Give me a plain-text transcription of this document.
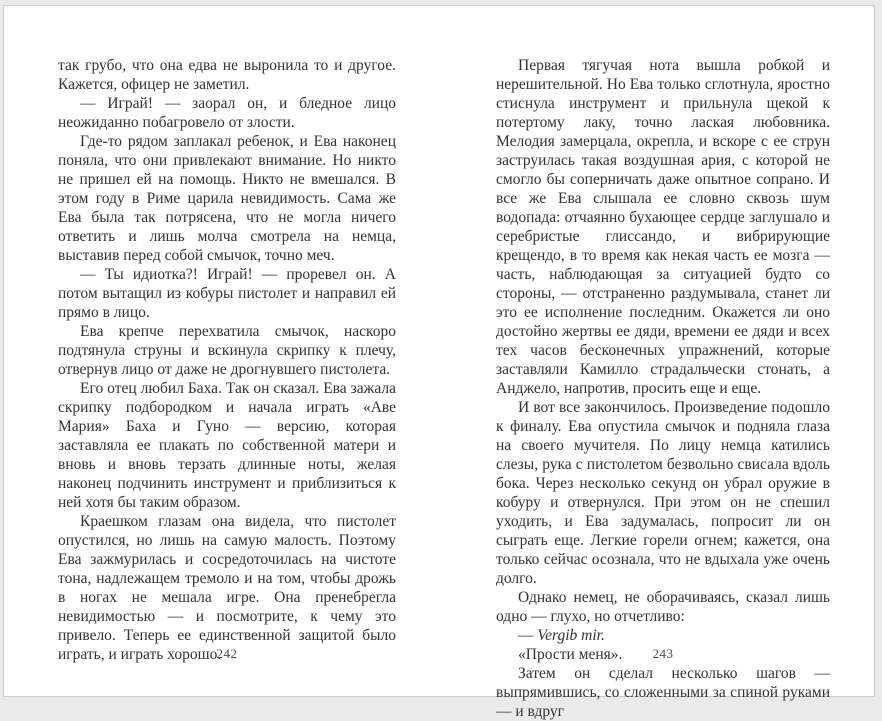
так грубо, что она едва не выронила то и другое. Кажется, офицер не заметил.

— Играй! — заорал он, и бледное лицо неожиданно побагровело от злости.

Где-то рядом заплакал ребенок, и Ева наконец поняла, что они привлекают внимание. Но никто не пришел ей на помощь. Никто не вмешался. В этом году в Риме царила невидимость. Сама же Ева была так потрясена, что не могла ничего ответить и лишь молча смотрела на немца, выставив перед собой смычок, точно меч.

— Ты идиотка?! Играй! — проревел он. А потом вытащил из кобуры пистолет и направил ей прямо в лицо.

Ева крепче перехватила смычок, наскоро подтянула струны и вскинула скрипку к плечу, отвернув лицо от даже не дрогнувшего пистолета.

Его отец любил Баха. Так он сказал. Ева зажала скрипку подбородком и начала играть «Аве Мария» Баха и Гуно — версию, которая заставляла ее плакать по собственной матери и вновь и вновь терзать длинные ноты, желая наконец подчинить инструмент и приблизиться к ней хотя бы таким образом.

Краешком глазам она видела, что пистолет опустился, но лишь на самую малость. Поэтому Ева зажмурилась и сосредоточилась на чистоте тона, надлежащем тремоло и на том, чтобы дрожь в ногах не мешала игре. Она пренебрегла невидимостью — и посмотрите, к чему это привело. Теперь ее единственной защитой было играть, и играть хорошо.

Первая тягучая нота вышла робкой и нерешительной. Но Ева только сглотнула, яростно стиснула инструмент и прильнула щекой к потертому лаку, точно лаская любовника. Мелодия замерцала, окрепла, и вскоре с ее струн заструилась такая воздушная ария, с которой не смогло бы соперничать даже опытное сопрано. И все же Ева слышала ее словно сквозь шум водопада: отчаянно бухающее сердце заглушало и серебристые глиссандо, и вибрирующие крещендо, в то время как некая часть ее мозга — часть, наблюдающая за ситуацией будто со стороны, — отстраненно раздумывала, станет ли это ее исполнение последним. Окажется ли оно достойно жертвы ее дяди, времени ее дяди и всех тех часов бесконечных упражнений, которые заставляли Камилло страдальчески стонать, а Анджело, напротив, просить еще и еще.

И вот все закончилось. Произведение подошло к финалу. Ева опустила смычок и подняла глаза на своего мучителя. По лицу немца катились слезы, рука с пистолетом безвольно свисала вдоль бока. Через несколько секунд он убрал оружие в кобуру и отвернулся. При этом он не спешил уходить, и Ева задумалась, попросит ли он сыграть еще. Легкие горели огнем; кажется, она только сейчас осознала, что не вдыхала уже очень долго.

Однако немец, не оборачиваясь, сказал лишь одно — глухо, но отчетливо:

— Vergib mir.

«Прости меня».

Затем он сделал несколько шагов — выпрямившись, со сложенными за спиной руками — и вдруг

242	243
